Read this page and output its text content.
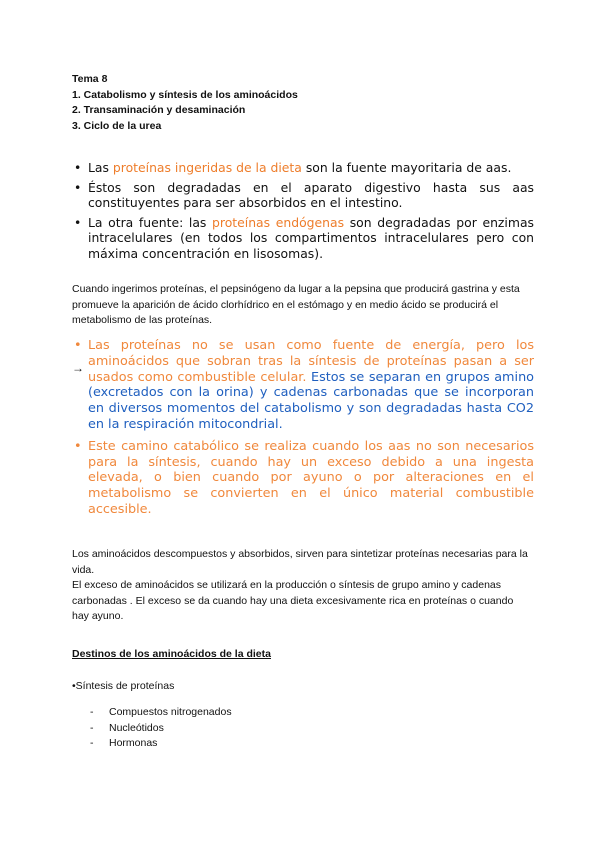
Tema 8
1. Catabolismo y síntesis de los aminoácidos
2. Transaminación y desaminación
3. Ciclo de la urea
• Las proteínas ingeridas de la dieta son la fuente mayoritaria de aas.
• Éstos son degradadas en el aparato digestivo hasta sus aas constituyentes para ser absorbidos en el intestino.
• La otra fuente: las proteínas endógenas son degradadas por enzimas intracelulares (en todos los compartimentos intracelulares pero con máxima concentración en lisosomas).
Cuando ingerimos proteínas, el pepsinógeno da lugar a la pepsina que producirá gastrina y esta promueve la aparición de ácido clorhídrico en el estómago y en medio ácido se producirá el metabolismo de las proteínas.
→
• Las proteínas no se usan como fuente de energía, pero los aminoácidos que sobran tras la síntesis de proteínas pasan a ser usados como combustible celular. Estos se separan en grupos amino (excretados con la orina) y cadenas carbonadas que se incorporan en diversos momentos del catabolismo y son degradadas hasta CO2 en la respiración mitocondrial.
• Este camino catabólico se realiza cuando los aas no son necesarios para la síntesis, cuando hay un exceso debido a una ingesta elevada, o bien cuando por ayuno o por alteraciones en el metabolismo se convierten en el único material combustible accesible.
Los aminoácidos descompuestos y absorbidos, sirven para sintetizar proteínas necesarias para la vida.
El exceso de aminoácidos se utilizará en la producción o síntesis de grupo amino y cadenas carbonadas . El exceso se da cuando hay una dieta excesivamente rica en proteínas o cuando hay ayuno.
Destinos de los aminoácidos de la dieta
•Síntesis de proteínas
- Compuestos nitrogenados
- Nucleótidos
- Hormonas
